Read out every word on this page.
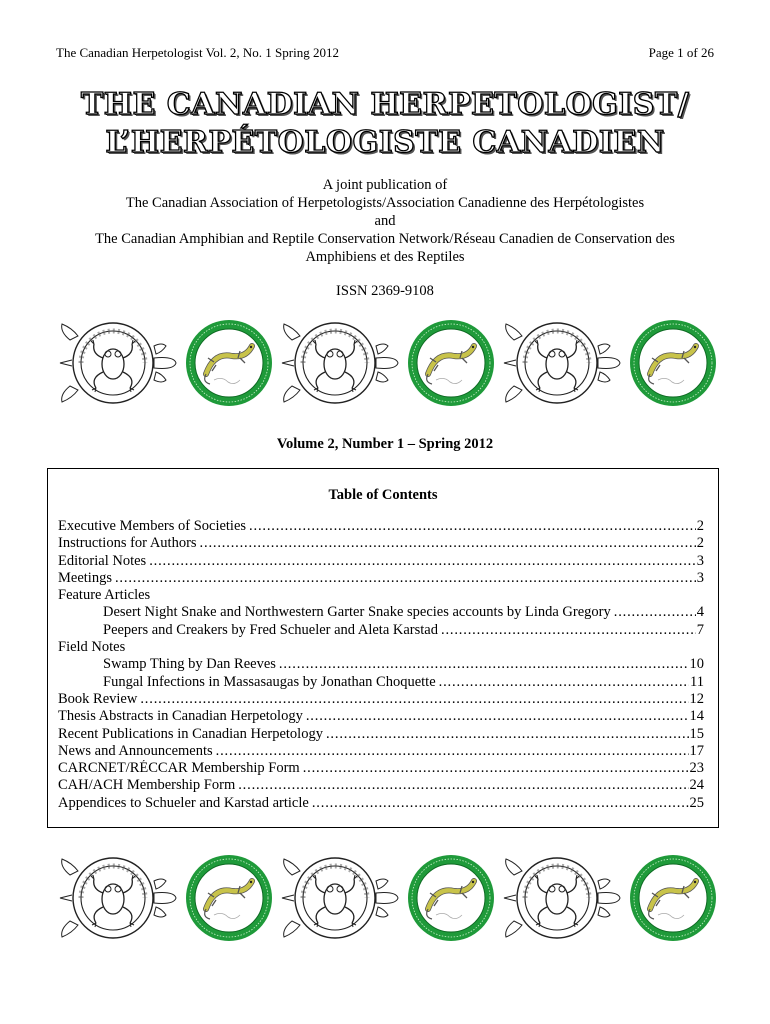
The Canadian Herpetologist Vol. 2, No. 1 Spring 2012	Page 1 of 26
THE CANADIAN HERPETOLOGIST/
L’HERPÉTOLOGISTE CANADIEN
A joint publication of
The Canadian Association of Herpetologists/Association Canadienne des Herpétologistes
and
The Canadian Amphibian and Reptile Conservation Network/Réseau Canadien de Conservation des
Amphibiens et des Reptiles
ISSN 2369-9108
Volume 2, Number 1 – Spring 2012
Table of Contents
Executive Members of Societies . . .	2
Instructions for Authors . . .	2
Editorial Notes . . .	3
Meetings . . .	3
Feature Articles
Desert Night Snake and Northwestern Garter Snake species accounts by Linda Gregory . . .	4
Peepers and Creakers by Fred Schueler and Aleta Karstad . . .	7
Field Notes
Swamp Thing by Dan Reeves . . .	10
Fungal Infections in Massasaugas by Jonathan Choquette . . .	11
Book Review . . .	12
Thesis Abstracts in Canadian Herpetology . . .	14
Recent Publications in Canadian Herpetology . . .	15
News and Announcements . . .	17
CARCNET/RÉCCAR Membership Form . . .	23
CAH/ACH Membership Form . . .	24
Appendices to Schueler and Karstad article . . .	25
